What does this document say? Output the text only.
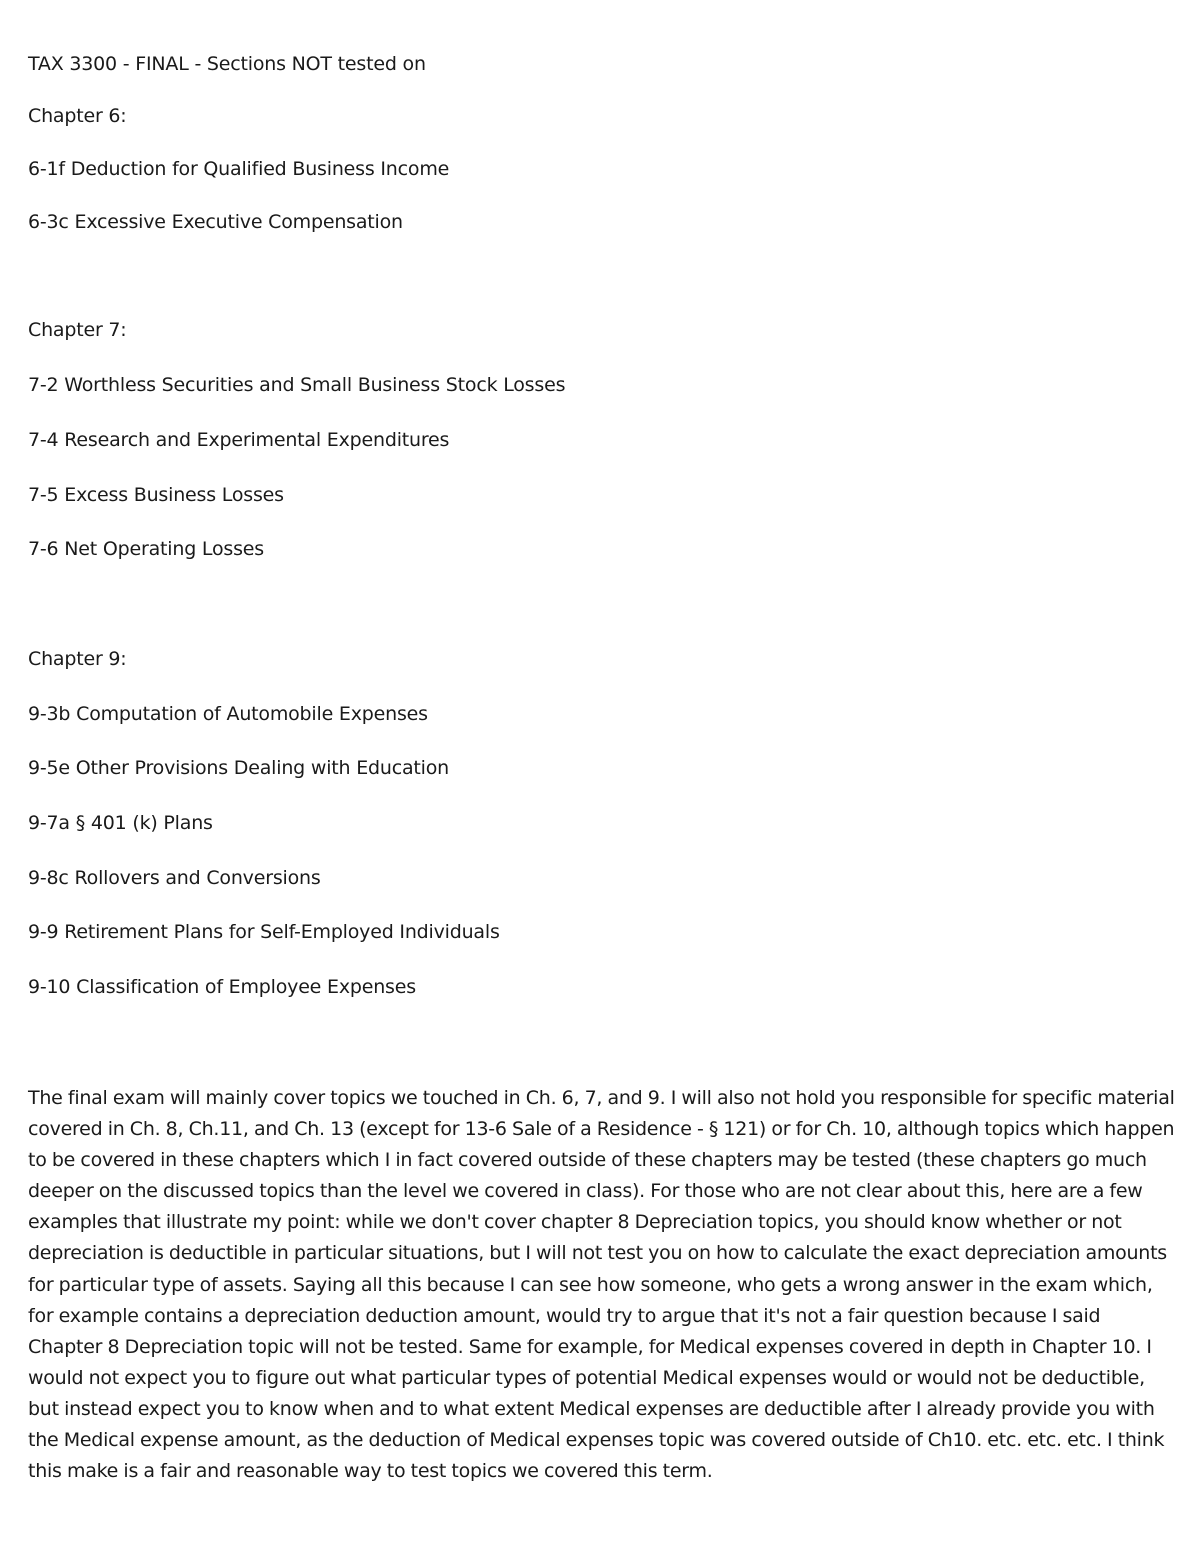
TAX 3300 - FINAL - Sections NOT tested on
Chapter 6:
6-1f Deduction for Qualified Business Income
6-3c Excessive Executive Compensation
Chapter 7:
7-2 Worthless Securities and Small Business Stock Losses
7-4 Research and Experimental Expenditures
7-5 Excess Business Losses
7-6 Net Operating Losses
Chapter 9:
9-3b Computation of Automobile Expenses
9-5e Other Provisions Dealing with Education
9-7a § 401 (k) Plans
9-8c Rollovers and Conversions
9-9 Retirement Plans for Self-Employed Individuals
9-10 Classification of Employee Expenses
The final exam will mainly cover topics we touched in Ch. 6, 7, and 9. I will also not hold you responsible for specific material covered in Ch. 8, Ch.11, and Ch. 13 (except for 13-6 Sale of a Residence - § 121) or for Ch. 10, although topics which happen to be covered in these chapters which I in fact covered outside of these chapters may be tested (these chapters go much deeper on the discussed topics than the level we covered in class). For those who are not clear about this, here are a few examples that illustrate my point: while we don't cover chapter 8 Depreciation topics, you should know whether or not depreciation is deductible in particular situations, but I will not test you on how to calculate the exact depreciation amounts for particular type of assets. Saying all this because I can see how someone, who gets a wrong answer in the exam which, for example contains a depreciation deduction amount, would try to argue that it's not a fair question because I said Chapter 8 Depreciation topic will not be tested. Same for example, for Medical expenses covered in depth in Chapter 10. I would not expect you to figure out what particular types of potential Medical expenses would or would not be deductible, but instead expect you to know when and to what extent Medical expenses are deductible after I already provide you with the Medical expense amount, as the deduction of Medical expenses topic was covered outside of Ch10. etc. etc. etc. I think this make is a fair and reasonable way to test topics we covered this term.
